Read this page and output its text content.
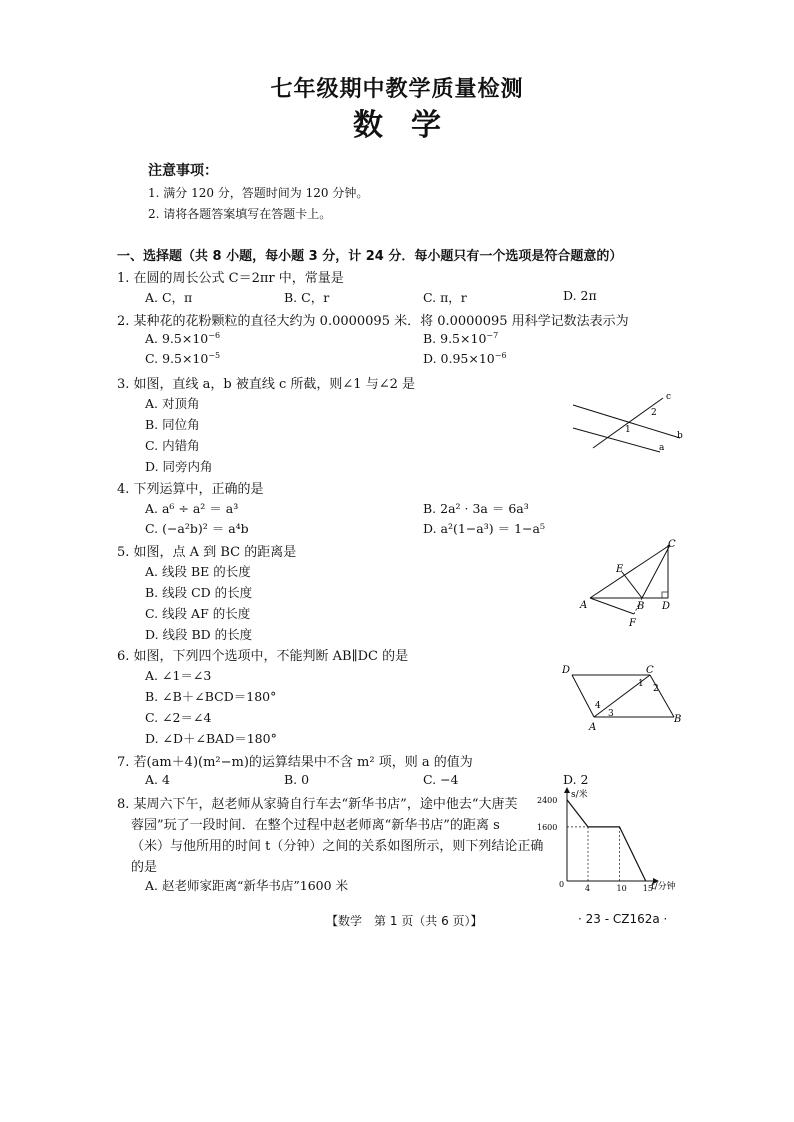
七年级期中教学质量检测
数学
注意事项：
1. 满分 120 分，答题时间为 120 分钟。
2. 请将各题答案填写在答题卡上。
一、选择题（共 8 小题，每小题 3 分，计 24 分．每小题只有一个选项是符合题意的）
1. 在圆的周长公式 C＝2πr 中，常量是
A. C，π	B. C，r	C. π，r	D. 2π
2. 某种花的花粉颗粒的直径大约为 0.0000095 米．将 0.0000095 用科学记数法表示为
A. $9.5\times 10^{-6}$	B. $9.5\times 10^{-7}$
C. $9.5\times 10^{-5}$	D. $0.95\times 10^{-6}$
3. 如图，直线 a，b 被直线 c 所截，则∠1 与∠2 是
A. 对顶角
B. 同位角
C. 内错角
D. 同旁内角
c
b
a
1
2
4. 下列运算中，正确的是
A. a⁶ ÷ a² ＝ a³	B. 2a² · 3a ＝ 6a³
C. (−a²b)² ＝ a⁴b	D. a²(1−a³) ＝ 1−a⁵
5. 如图，点 A 到 BC 的距离是
A. 线段 BE 的长度
B. 线段 CD 的长度
C. 线段 AF 的长度
D. 线段 BD 的长度
A	B
C
D
E
F
6. 如图，下列四个选项中，不能判断 AB∥DC 的是
A. ∠1＝∠3
B. ∠B＋∠BCD＝180°
C. ∠2＝∠4
D. ∠D＋∠BAD＝180°
D	C
A
B
1 2
3
4
7. 若(am＋4)(m²−m)的运算结果中不含 m² 项，则 a 的值为
A. 4	B. 0	C. −4	D. 2
8. 某周六下午，赵老师从家骑自行车去“新华书店”，途中他去“大唐芙
蓉园”玩了一段时间．在整个过程中赵老师离“新华书店”的距离 s
（米）与他所用的时间 t（分钟）之间的关系如图所示，则下列结论正确
的是
A. 赵老师家距离“新华书店”1600 米
s/米
t/分钟
0
2400
1600
4	10 15
【数学　第 1 页（共 6 页）】	· 23 - CZ162a ·
